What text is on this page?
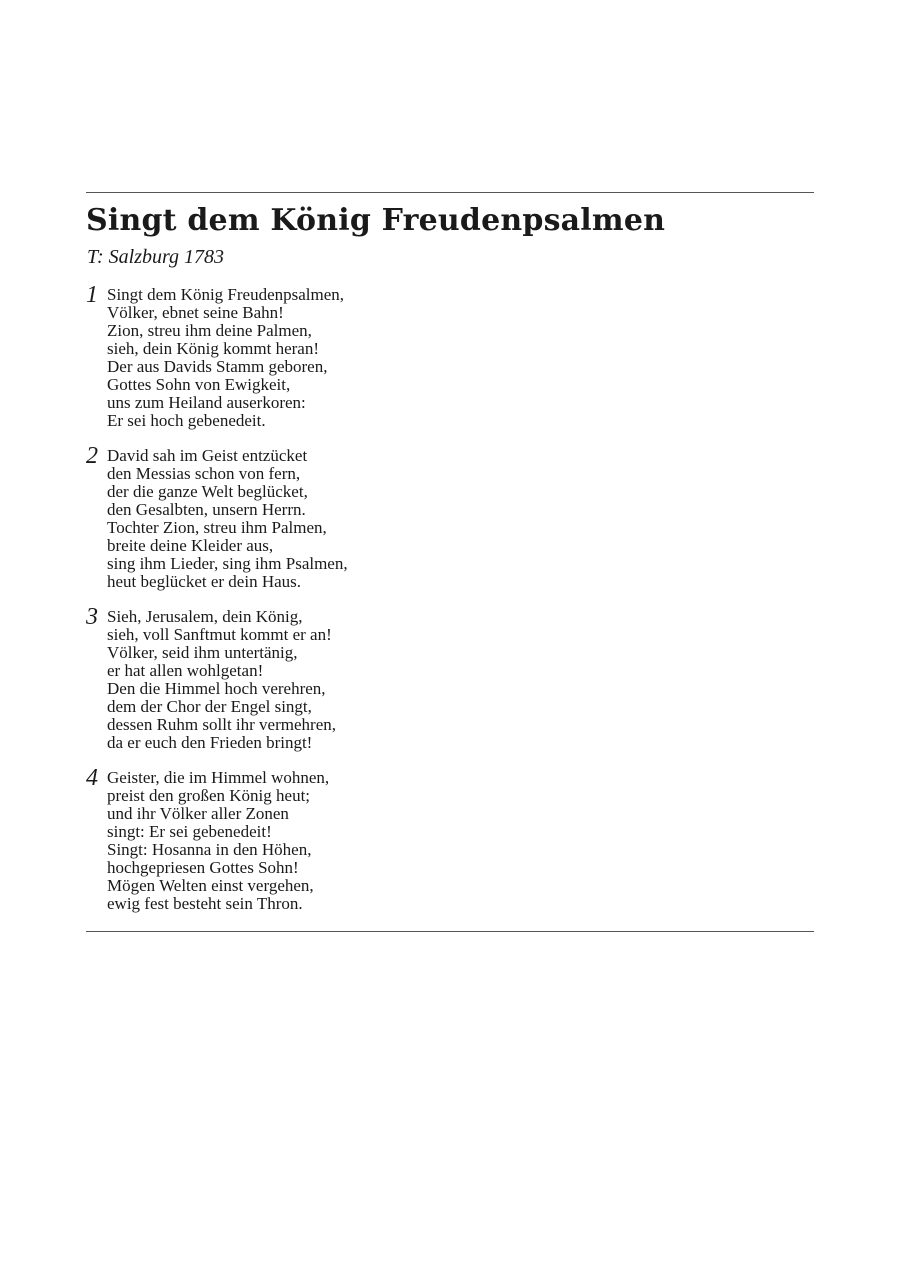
Singt dem König Freudenpsalmen
T: Salzburg 1783
1 Singt dem König Freudenpsalmen,
Völker, ebnet seine Bahn!
Zion, streu ihm deine Palmen,
sieh, dein König kommt heran!
Der aus Davids Stamm geboren,
Gottes Sohn von Ewigkeit,
uns zum Heiland auserkoren:
Er sei hoch gebenedeit.
2 David sah im Geist entzücket
den Messias schon von fern,
der die ganze Welt beglücket,
den Gesalbten, unsern Herrn.
Tochter Zion, streu ihm Palmen,
breite deine Kleider aus,
sing ihm Lieder, sing ihm Psalmen,
heut beglücket er dein Haus.
3 Sieh, Jerusalem, dein König,
sieh, voll Sanftmut kommt er an!
Völker, seid ihm untertänig,
er hat allen wohlgetan!
Den die Himmel hoch verehren,
dem der Chor der Engel singt,
dessen Ruhm sollt ihr vermehren,
da er euch den Frieden bringt!
4 Geister, die im Himmel wohnen,
preist den großen König heut;
und ihr Völker aller Zonen
singt: Er sei gebenedeit!
Singt: Hosanna in den Höhen,
hochgepriesen Gottes Sohn!
Mögen Welten einst vergehen,
ewig fest besteht sein Thron.
